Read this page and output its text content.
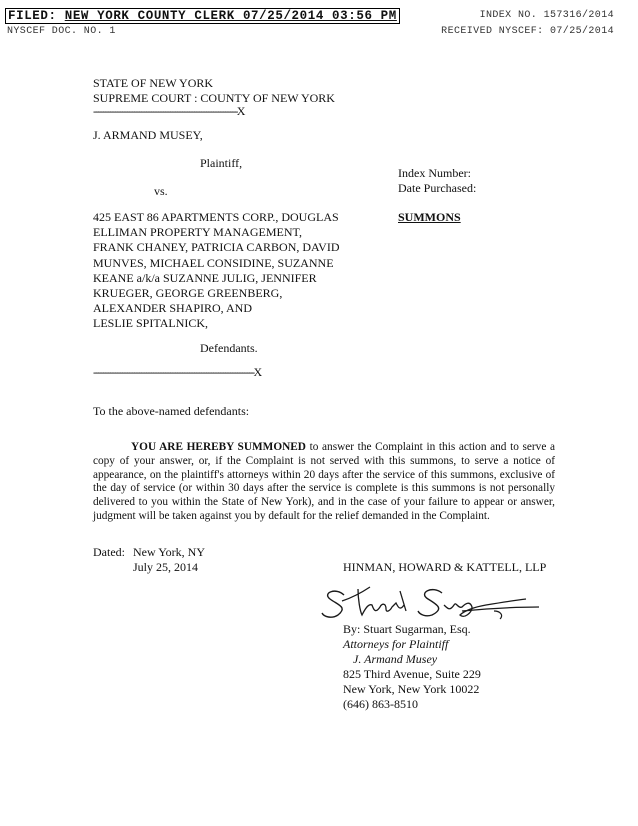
FILED: NEW YORK COUNTY CLERK 07/25/2014 03:56 PM
NYSCEF DOC. NO. 1
INDEX NO. 157316/2014
RECEIVED NYSCEF: 07/25/2014
STATE OF NEW YORK
SUPREME COURT : COUNTY OF NEW YORK
------------------------------------------------------------X
J. ARMAND MUSEY,
Plaintiff,
vs.
Index Number:
Date Purchased:
SUMMONS
425 EAST 86 APARTMENTS CORP., DOUGLAS
ELLIMAN PROPERTY MANAGEMENT,
FRANK CHANEY, PATRICIA CARBON, DAVID
MUNVES, MICHAEL CONSIDINE, SUZANNE
KEANE a/k/a SUZANNE JULIG, JENNIFER
KRUEGER, GEORGE GREENBERG,
ALEXANDER SHAPIRO, AND
LESLIE SPITALNICK,
Defendants.
-------------------------------------------------------------------X
To the above-named defendants:
YOU ARE HEREBY SUMMONED to answer the Complaint in this action and to serve a copy of your answer, or, if the Complaint is not served with this summons, to serve a notice of appearance, on the plaintiff's attorneys within 20 days after the service of this summons, exclusive of the day of service (or within 30 days after the service is complete is this summons is not personally delivered to you within the State of New York), and in the case of your failure to appear or answer, judgment will be taken against you by default for the relief demanded in the Complaint.
Dated: New York, NY
July 25, 2014	HINMAN, HOWARD & KATTELL, LLP
By: Stuart Sugarman, Esq.
Attorneys for Plaintiff
J. Armand Musey
825 Third Avenue, Suite 229
New York, New York 10022
(646) 863-8510
